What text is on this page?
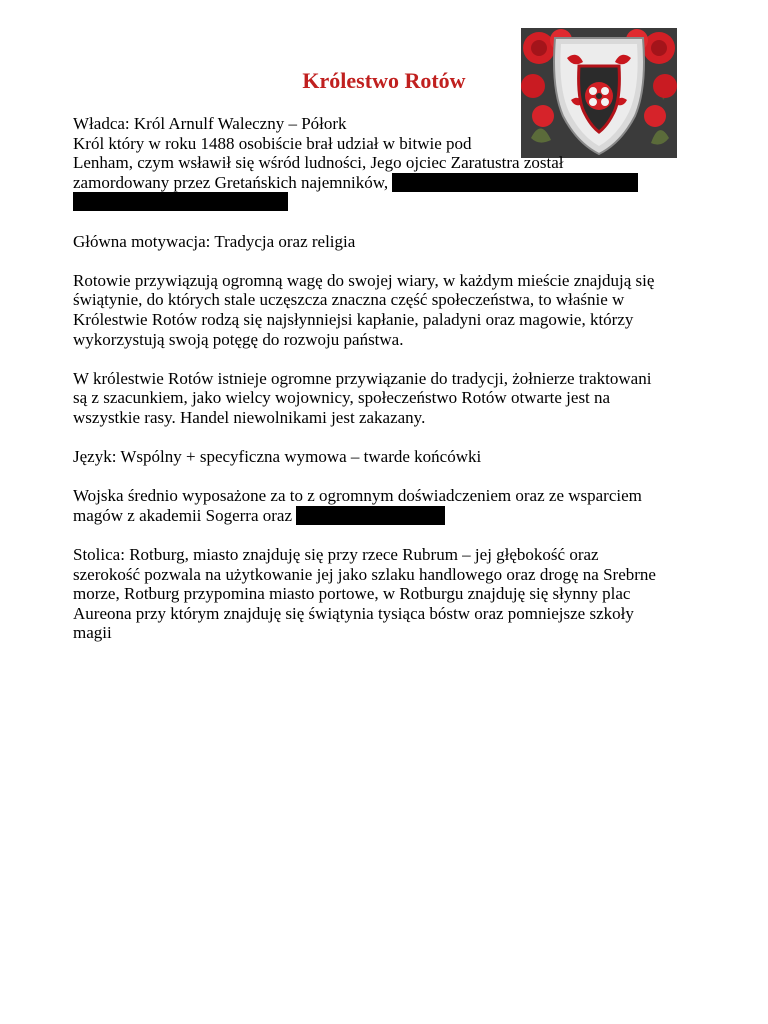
Królestwo Rotów

Władca: Król Arnulf Waleczny – Półork
Król który w roku 1488 osobiście brał udział w bitwie pod
Lenham, czym wsławił się wśród ludności, Jego ojciec Zaratustra został
zamordowany przez Gretańskich najemników,

Główna motywacja: Tradycja oraz religia

Rotowie przywiązują ogromną wagę do swojej wiary, w każdym mieście znajdują się
świątynie, do których stale uczęszcza znaczna część społeczeństwa, to właśnie w
Królestwie Rotów rodzą się najsłynniejsi kapłanie, paladyni oraz magowie, którzy
wykorzystują swoją potęgę do rozwoju państwa.

W królestwie Rotów istnieje ogromne przywiązanie do tradycji, żołnierze traktowani
są z szacunkiem, jako wielcy wojownicy, społeczeństwo Rotów otwarte jest na
wszystkie rasy. Handel niewolnikami jest zakazany.

Język: Wspólny + specyficzna wymowa – twarde końcówki

Wojska średnio wyposażone za to z ogromnym doświadczeniem oraz ze wsparciem
magów z akademii Sogerra oraz

Stolica: Rotburg, miasto znajduję się przy rzece Rubrum – jej głębokość oraz
szerokość pozwala na użytkowanie jej jako szlaku handlowego oraz drogę na Srebrne
morze, Rotburg przypomina miasto portowe, w Rotburgu znajduję się słynny plac
Aureona przy którym znajduję się świątynia tysiąca bóstw oraz pomniejsze szkoły
magii
